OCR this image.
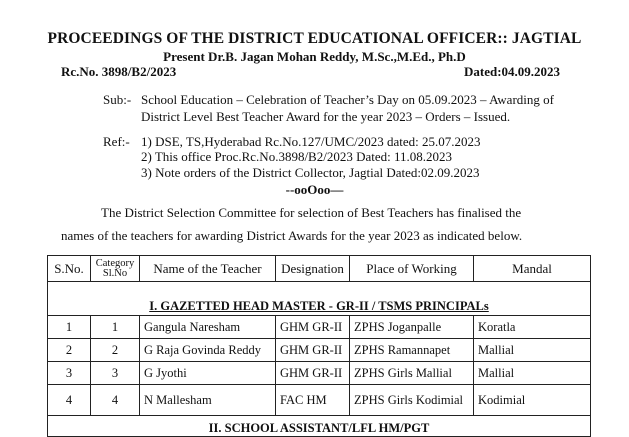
PROCEEDINGS OF THE DISTRICT EDUCATIONAL OFFICER:: JAGTIAL
Present Dr.B. Jagan Mohan Reddy, M.Sc.,M.Ed., Ph.D
Rc.No. 3898/B2/2023	Dated:04.09.2023
Sub:- School Education – Celebration of Teacher’s Day on 05.09.2023 – Awarding of
District Level Best Teacher Award for the year 2023 – Orders – Issued.
Ref:- 1) DSE, TS,Hyderabad Rc.No.127/UMC/2023 dated: 25.07.2023
2) This office Proc.Rc.No.3898/B2/2023 Dated: 11.08.2023
3) Note orders of the District Collector, Jagtial Dated:02.09.2023
--ooOoo—
The District Selection Committee for selection of Best Teachers has finalised the
names of the teachers for awarding District Awards for the year 2023 as indicated below.
S.No.	Category Sl.No	Name of the Teacher	Designation	Place of Working	Mandal
I. GAZETTED HEAD MASTER - GR-II / TSMS PRINCIPALs					
1	1	Gangula Naresham	GHM GR-II	ZPHS Joganpalle	Koratla
2	2	G Raja Govinda Reddy	GHM GR-II	ZPHS Ramannapet	Mallial
3	3	G Jyothi	GHM GR-II	ZPHS Girls Mallial	Mallial
4	4	N Mallesham	FAC HM	ZPHS Girls Kodimial	Kodimial
II. SCHOOL ASSISTANT/LFL HM/PGT					
